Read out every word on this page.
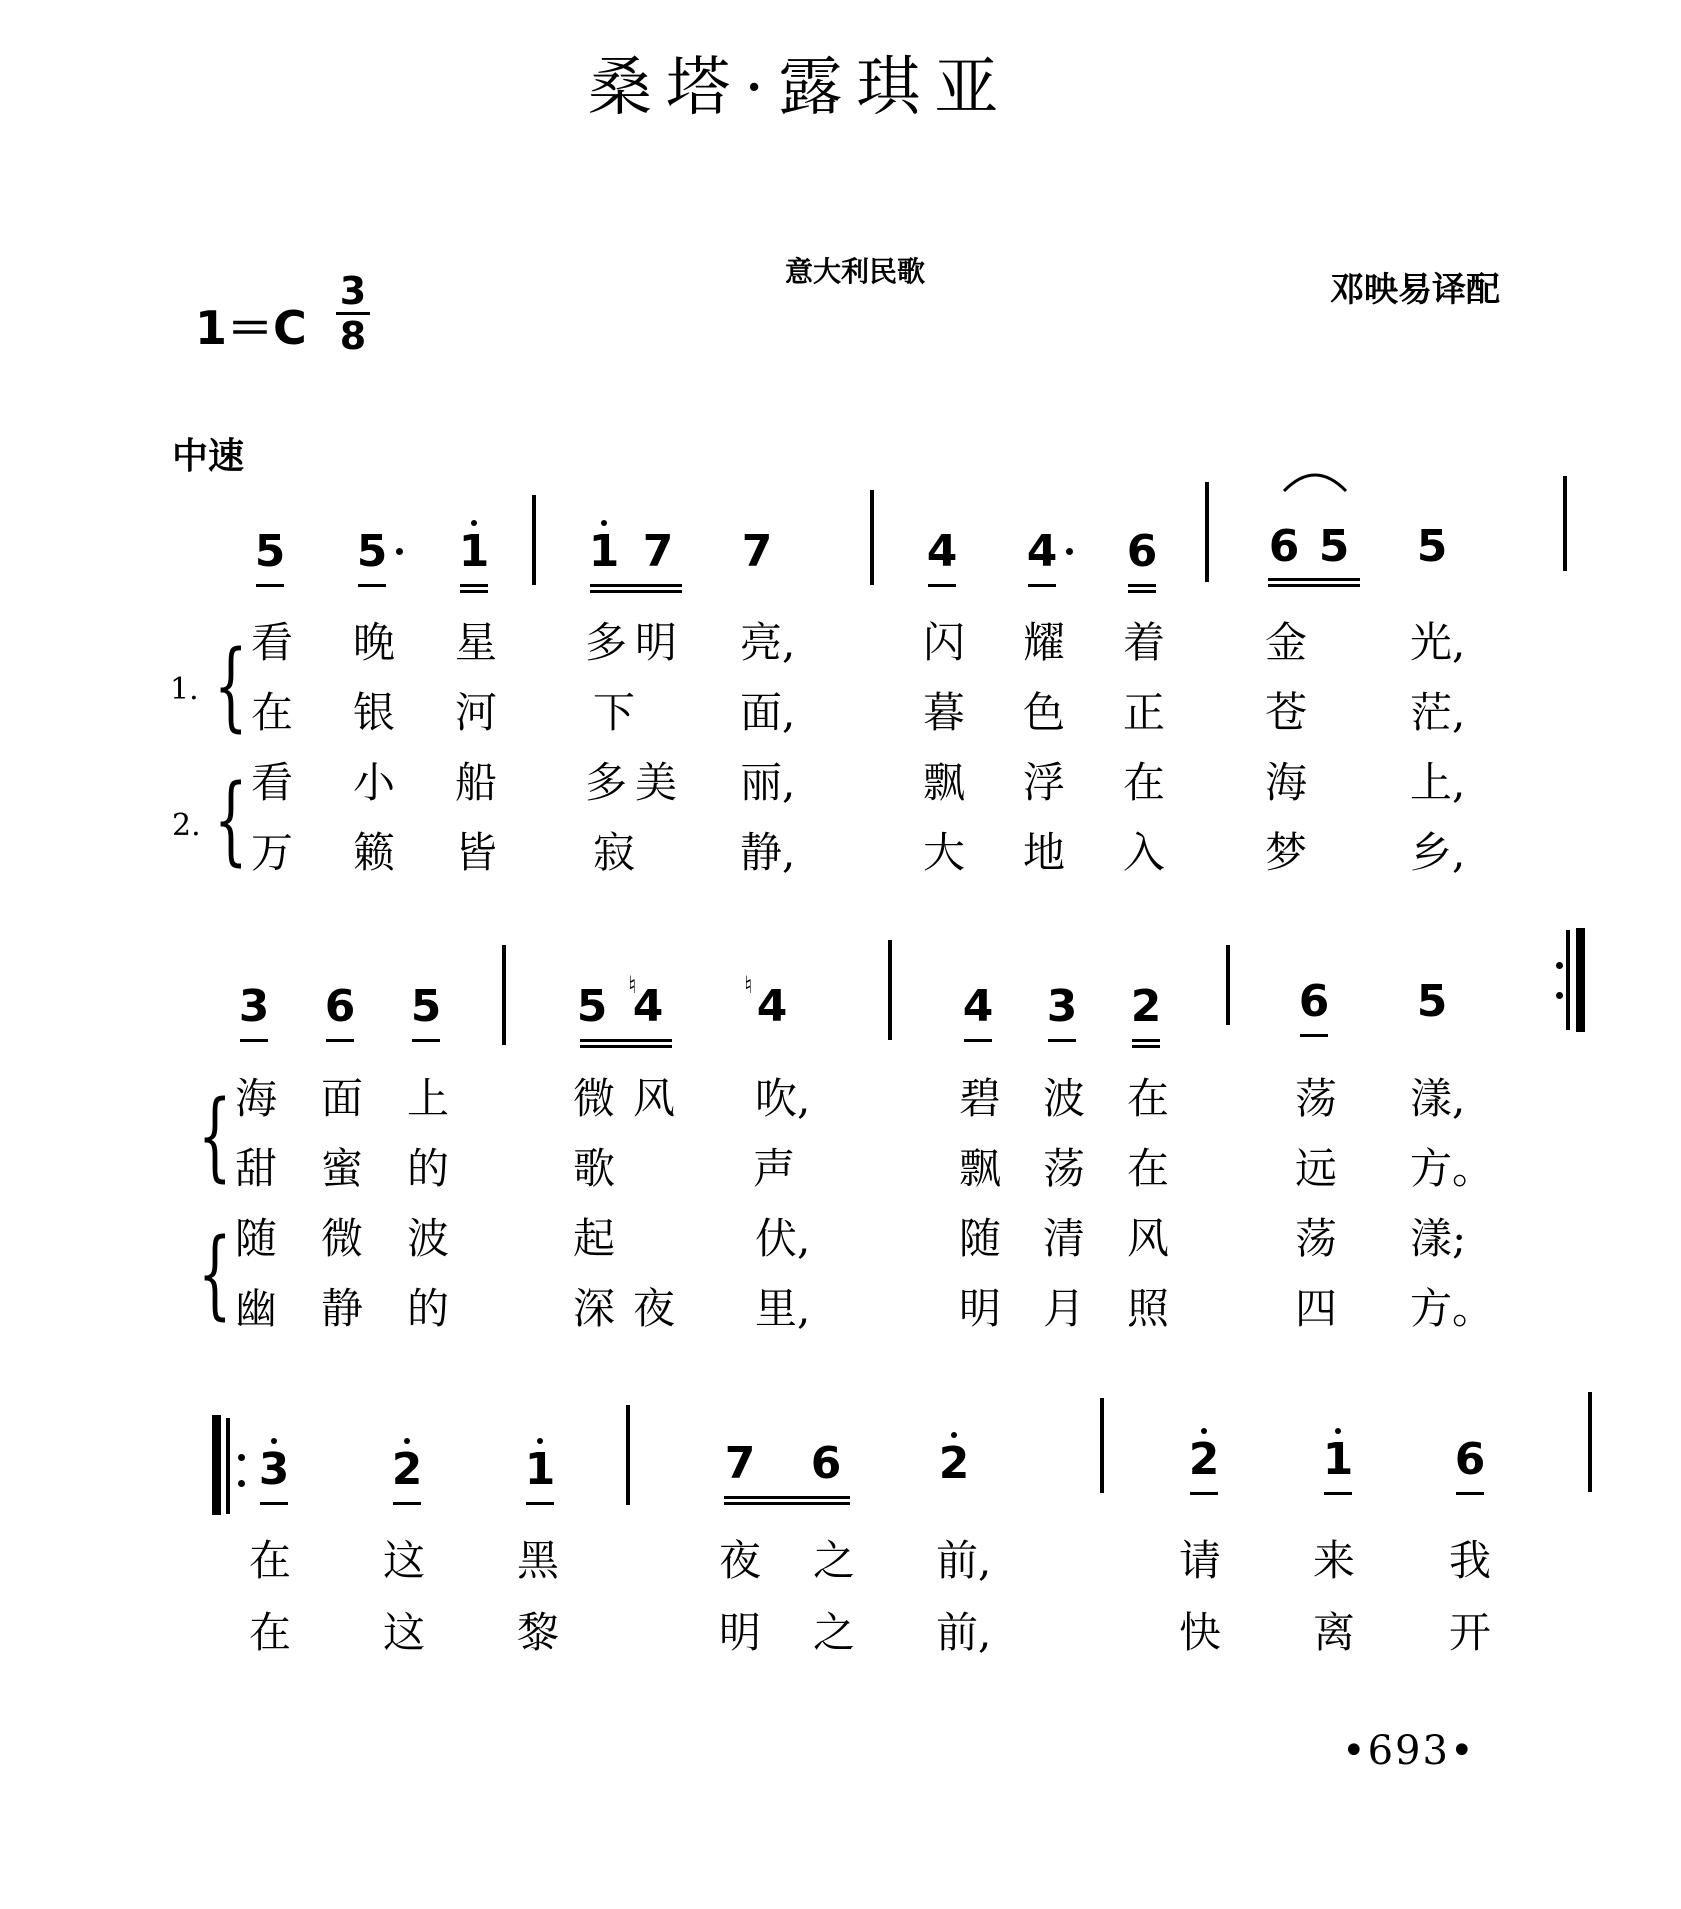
桑塔·露琪亚
意大利民歌	邓映易译配
1＝C
3
8
中速
5 5 1 1 7 7	4 4 6	6 5 5
1. {
2. {
看 晚 星 多 明 亮,	闪 耀 着 金 光,
在 银 河 下	面,	暮 色 正 苍 茫,
看 小 船 多 美 丽,	飘 浮 在 海 上,
万 籁 皆 寂	静,	大 地 入 梦 乡,
3 6 5	5 ♮
4	♮ 4	4 3 2	6 5
{
{
海 面 上	微 风 吹,	碧 波 在	荡 漾,
甜 蜜 的	歌	声	飘 荡 在	远 方。
随 微 波	起	伏,	随 清 风	荡 漾;
幽 静 的	深 夜 里,	明 月 照	四 方。
3 2 1	7 6 2	2 1 6
在 这 黑	夜 之 前,	请 来 我
在 这 黎	明 之 前,	快 离 开
•693•
